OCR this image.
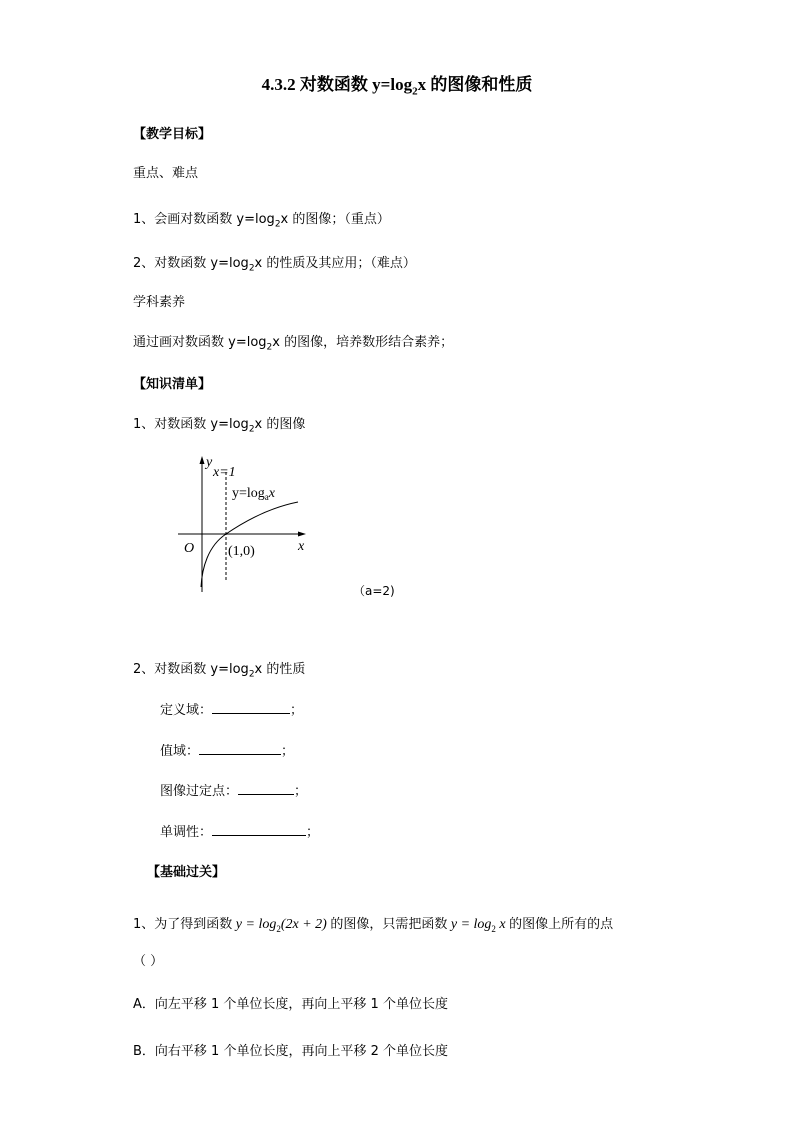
4.3.2 对数函数 $y=\log_2x$ 的图像和性质
【教学目标】
重点、难点
1、会画对数函数 $y=\log_2x$ 的图像；（重点）
2、对数函数 $y=\log_2x$ 的性质及其应用；（难点）
学科素养
通过画对数函数 $y=\log_2x$ 的图像，培养数形结合素养；
【知识清单】
1、对数函数 $y=\log_2x$ 的图像
y
x=1
$y=\log_ax$
x
O (1,0)
（a=2)
2、对数函数 $y=\log_2x$ 的性质
定义域：	；
值域：	；
图像过定点：	；
单调性：	；
【基础过关】
1、为了得到函数 $y = \log_2(2x + 2)$ 的图像，只需把函数 $y = \log_2 x$ 的图像上所有的点
（ ）
A．向左平移 1 个单位长度，再向上平移 1 个单位长度
B．向右平移 1 个单位长度，再向上平移 2 个单位长度
